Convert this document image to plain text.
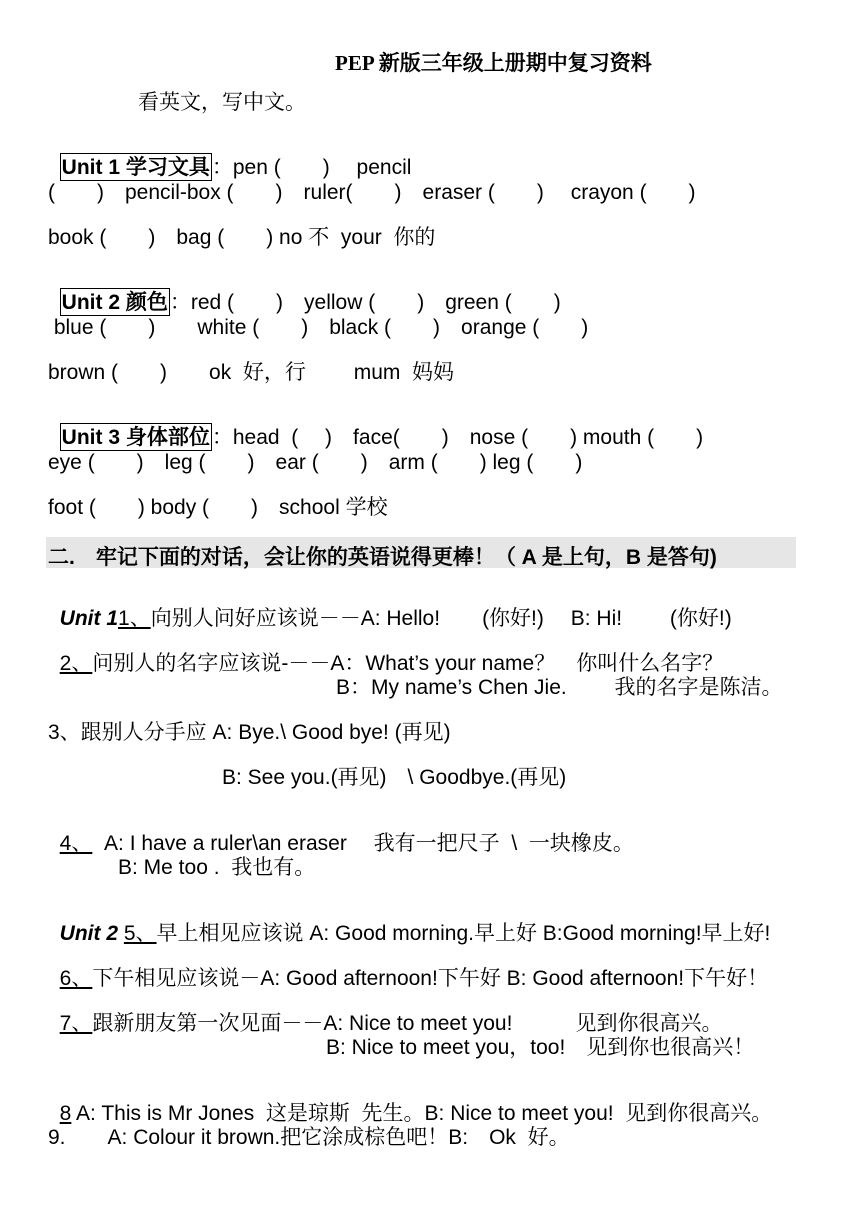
PEP 新版三年级上册期中复习资料
看英文，写中文。

Unit 1 学习文具：pen (　　)　 pencil

(　　)　pencil-box (　　)　ruler(　　)　eraser (　　)　 crayon (　　)
book (　　)　bag (　　) no 不  your  你的

Unit 2 颜色：red (　　)　yellow (　　)　green (　　)

blue (　　)　　white (　　)　black (　　)　orange (　　)
brown (　　)　　ok  好，行　　 mum  妈妈

Unit 3 身体部位：head  (　 )　face(　　)　nose (　　) mouth (　　)

eye (　　)　leg (　　)　ear (　　)　arm (　　) leg (　　)
foot (　　) body (　　)　school 学校
二.　牢记下面的对话，会让你的英语说得更棒！（ A 是上句，B 是答句)

Unit 11、向别人问好应该说－－A: Hello!　　(你好!)　 B: Hi!　　 (你好!)

2、问别人的名字应该说-－－A：What’s your name？　你叫什么名字？

B：My name’s Chen Jie.　　 我的名字是陈洁。
3、跟别人分手应 A: Bye.\ Good bye! (再见)
B: See you.(再见)　\ Goodbye.(再见)

4、  A: I have a ruler\an eraser　 我有一把尺子  \  一块橡皮。

B: Me too .  我也有。

Unit 2 5、早上相见应该说 A: Good morning.早上好 B:Good morning!早上好!

6、下午相见应该说－A: Good afternoon!下午好 B: Good afternoon!下午好！

7、跟新朋友第一次见面－－A: Nice to meet you!　　　见到你很高兴。

B: Nice to meet you，too!　见到你也很高兴！

8 A: This is Mr Jones  这是琼斯  先生。B: Nice to meet you!  见到你很高兴。

9.　　A: Colour it brown.把它涂成棕色吧！B:　Ok  好。
